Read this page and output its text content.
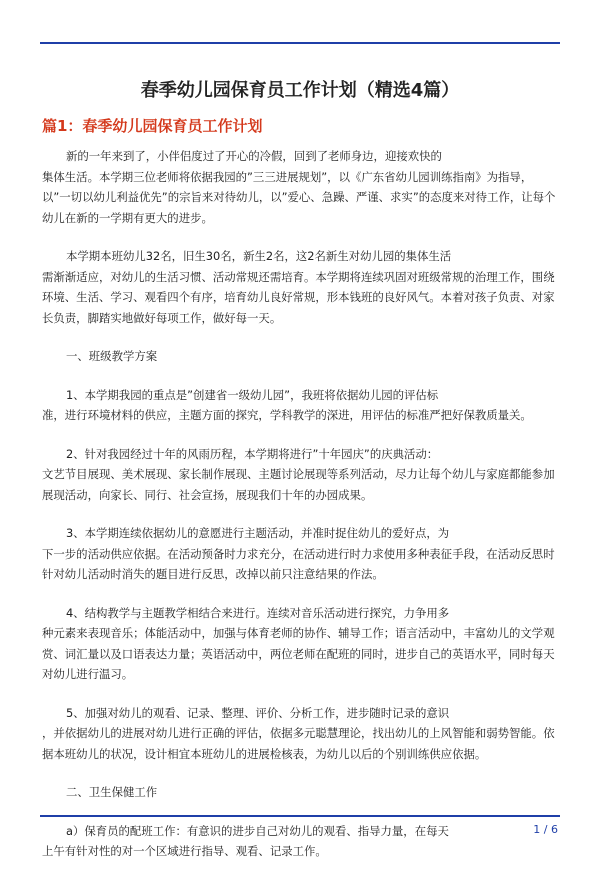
春季幼儿园保育员工作计划（精选4篇）
篇1：春季幼儿园保育员工作计划
新的一年来到了，小伴侣度过了开心的冷假，回到了老师身边，迎接欢快的
集体生活。本学期三位老师将依据我园的”三三进展规划”，以《广东省幼儿园训练指南》为指导，以”一切以幼儿利益优先”的宗旨来对待幼儿，以”爱心、急躁、严谨、求实”的态度来对待工作，让每个幼儿在新的一学期有更大的进步。
本学期本班幼儿32名，旧生30名，新生2名，这2名新生对幼儿园的集体生活
需渐渐适应，对幼儿的生活习惯、活动常规还需培育。本学期将连续巩固对班级常规的治理工作，围绕环境、生活、学习、观看四个有序，培育幼儿良好常规，形本钱班的良好风气。本着对孩子负责、对家长负责，脚踏实地做好每项工作，做好每一天。
一、班级教学方案
1、本学期我园的重点是”创建省一级幼儿园”，我班将依据幼儿园的评估标
准，进行环境材料的供应，主题方面的探究，学科教学的深进，用评估的标准严把好保教质量关。
2、针对我园经过十年的风雨历程，本学期将进行”十年园庆”的庆典活动：
文艺节目展现、美术展现、家长制作展现、主题讨论展现等系列活动，尽力让每个幼儿与家庭都能参加展现活动，向家长、同行、社会宣扬，展现我们十年的办园成果。
3、本学期连续依据幼儿的意愿进行主题活动，并准时捉住幼儿的爱好点，为
下一步的活动供应依据。在活动预备时力求充分，在活动进行时力求使用多种表征手段，在活动反思时针对幼儿活动时消失的题目进行反思，改掉以前只注意结果的作法。
4、结构教学与主题教学相结合来进行。连续对音乐活动进行探究，力争用多
种元素来表现音乐；体能活动中，加强与体育老师的协作、辅导工作；语言活动中，丰富幼儿的文学观赏、词汇量以及口语表达力量；英语活动中，两位老师在配班的同时，进步自己的英语水平，同时每天对幼儿进行温习。
5、加强对幼儿的观看、记录、整理、评价、分析工作，进步随时记录的意识
，并依据幼儿的进展对幼儿进行正确的评估，依据多元聪慧理论，找出幼儿的上风智能和弱势智能。依据本班幼儿的状况，设计相宜本班幼儿的进展检核表，为幼儿以后的个别训练供应依据。
二、卫生保健工作
a）保育员的配班工作：有意识的进步自己对幼儿的观看、指导力量，在每天
上午有针对性的对一个区域进行指导、观看、记录工作。
1 / 6
